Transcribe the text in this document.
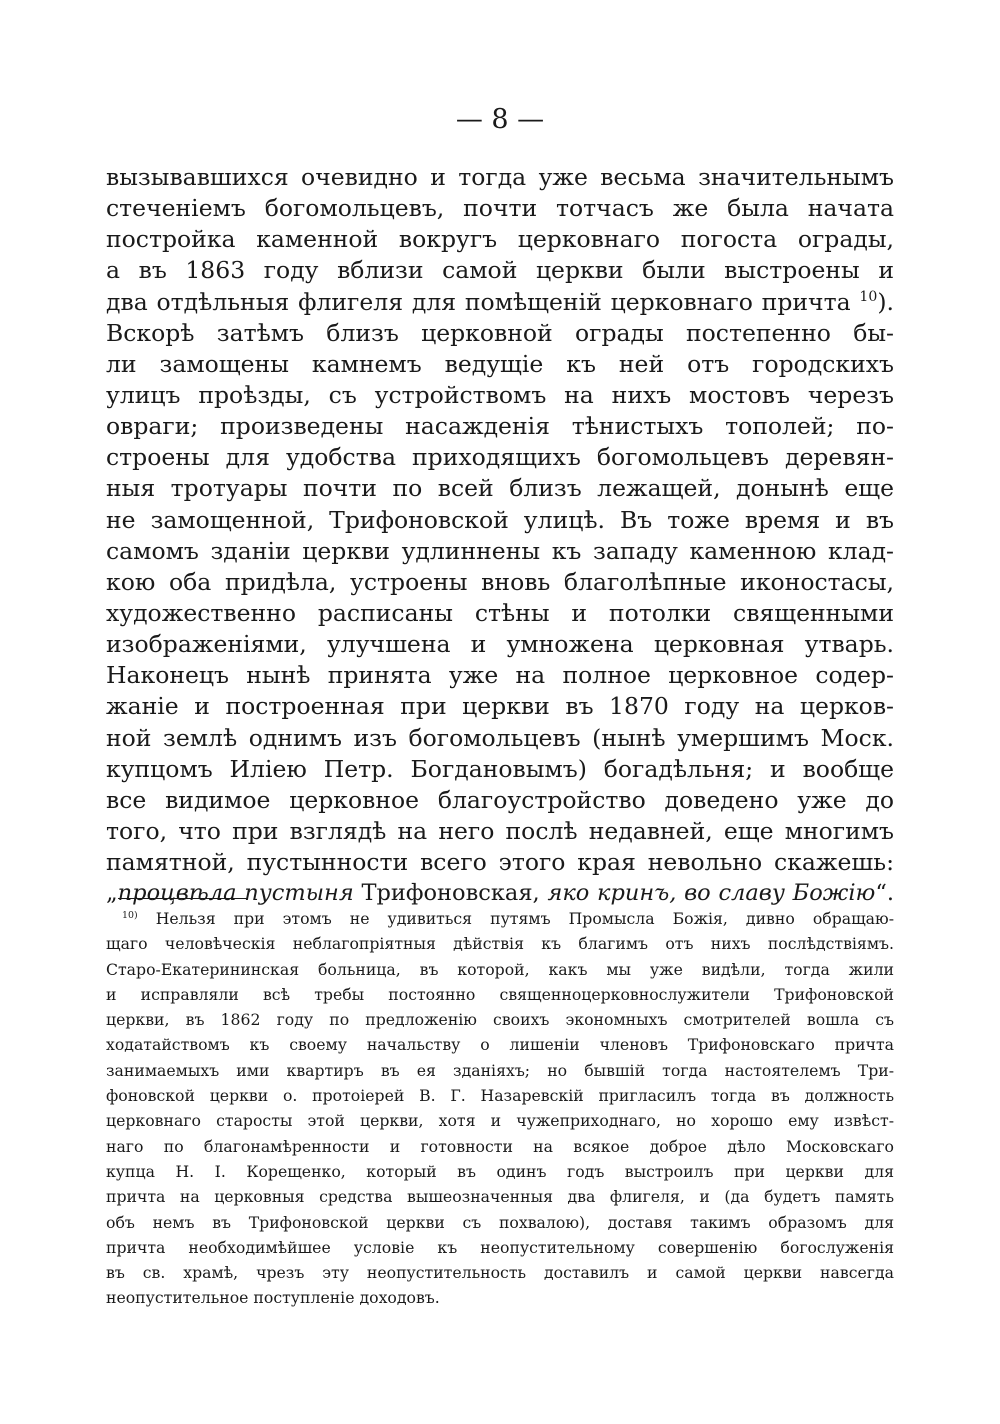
— 8 —
вызывавшихся очевидно и тогда уже весьма значительнымъ
стеченіемъ богомольцевъ, почти тотчасъ же была начата
постройка каменной вокругъ церковнаго погоста ограды,
а въ 1863 году вблизи самой церкви были выстроены и
два отдѣльныя флигеля для помѣщеній церковнаго причта $^{10}$).
Вскорѣ затѣмъ близъ церковной ограды постепенно бы-
ли замощены камнемъ ведущіе къ ней отъ городскихъ
улицъ проѣзды, съ устройствомъ на нихъ мостовъ черезъ
овраги; произведены насажденія тѣнистыхъ тополей; по-
строены для удобства приходящихъ богомольцевъ деревян-
ныя тротуары почти по всей близъ лежащей, донынѣ еще
не замощенной, Трифоновской улицѣ. Въ тоже время и въ
самомъ зданіи церкви удлиннены къ западу каменною клад-
кою оба придѣла, устроены вновь благолѣпные иконостасы,
художественно расписаны стѣны и потолки священными
изображеніями, улучшена и умножена церковная утварь.
Наконецъ нынѣ принята уже на полное церковное содер-
жаніе и построенная при церкви въ 1870 году на церков-
ной землѣ однимъ изъ богомольцевъ (нынѣ умершимъ Моск.
купцомъ Иліею Петр. Богдановымъ) богадѣльня; и вообще
все видимое церковное благоустройство доведено уже до
того, что при взглядѣ на него послѣ недавней, еще многимъ
памятной, пустынности всего этого края невольно скажешь:
„процвѣла пустыня Трифоновская, яко кринъ, во славу Божію“.
$^{10)}$ Нельзя при этомъ не удивиться путямъ Промысла Божія, дивно обращаю-
щаго человѣческія неблагопріятныя дѣйствія къ благимъ отъ нихъ послѣдствіямъ.
Старо-Екатерининская больница, въ которой, какъ мы уже видѣли, тогда жили
и исправляли всѣ требы постоянно священноцерковнослужители Трифоновской
церкви, въ 1862 году по предложенію своихъ экономныхъ смотрителей вошла съ
ходатайствомъ къ своему начальству о лишеніи членовъ Трифоновскаго причта
занимаемыхъ ими квартиръ въ ея зданіяхъ; но бывшій тогда настоятелемъ Три-
фоновской церкви о. протоіерей В. Г. Назаревскій пригласилъ тогда въ должность
церковнаго старосты этой церкви, хотя и чужеприходнаго, но хорошо ему извѣст-
наго по благонамѣренности и готовности на всякое доброе дѣло Московскаго
купца Н. І. Корещенко, который въ одинъ годъ выстроилъ при церкви для
причта на церковныя средства вышеозначенныя два флигеля, и (да будетъ память
объ немъ въ Трифоновской церкви съ похвалою), доставя такимъ образомъ для
причта необходимѣйшее условіе къ неопустительному совершенію богослуженія
въ св. храмѣ, чрезъ эту неопустительность доставилъ и самой церкви навсегда
неопустительное поступленіе доходовъ.
